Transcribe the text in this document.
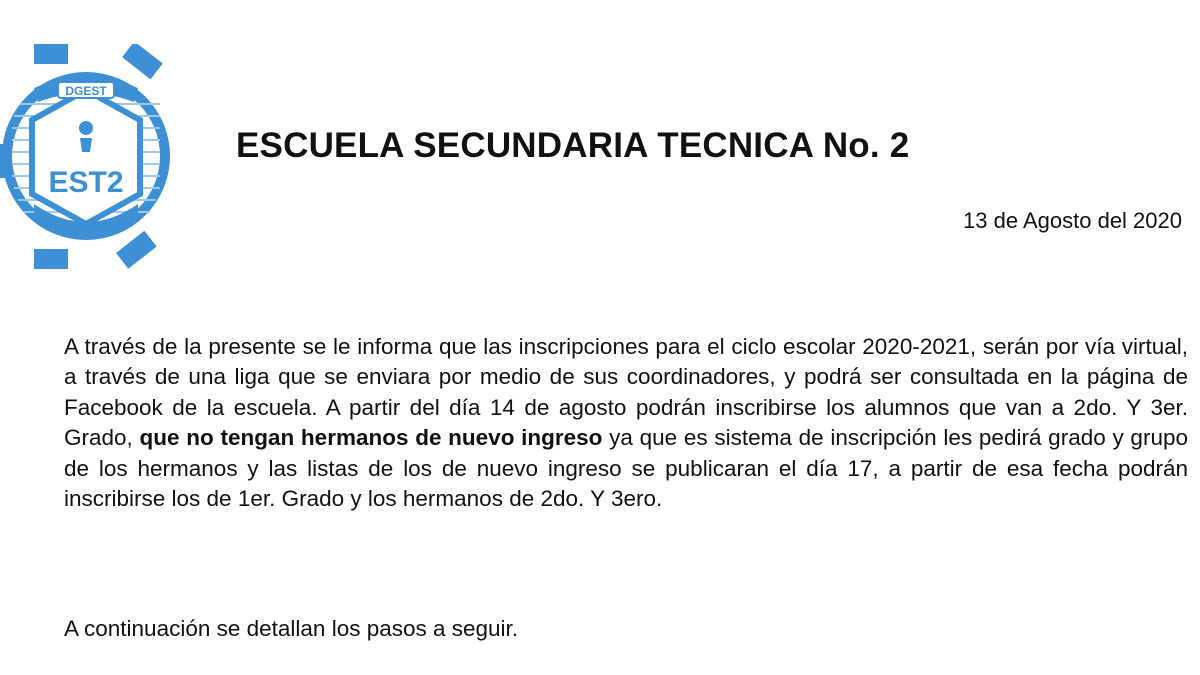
DGEST
EST2
ESCUELA SECUNDARIA TECNICA No. 2
13 de Agosto del 2020

A través de la presente se le informa que las inscripciones para el ciclo escolar 2020-2021, serán por vía virtual, a través de una liga que se enviara por medio de sus coordinadores, y podrá ser consultada en la página de Facebook de la escuela. A partir del día 14 de agosto podrán inscribirse los alumnos que van a 2do. Y 3er. Grado, que no tengan hermanos de nuevo ingreso ya que es sistema de inscripción les pedirá grado y grupo de los hermanos y las listas de los de nuevo ingreso se publicaran el día 17, a partir de esa fecha podrán inscribirse los de 1er. Grado y los hermanos de 2do. Y 3ero.

A continuación se detallan los pasos a seguir.
